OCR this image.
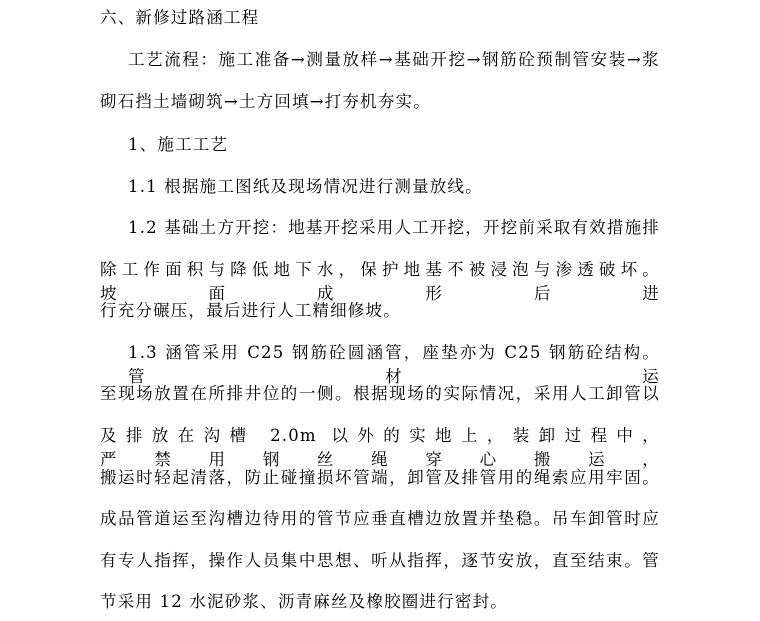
六、新修过路涵工程
工艺流程：施工准备→测量放样→基础开挖→钢筋砼预制管安装→浆
砌石挡土墙砌筑→土方回填→打夯机夯实。
1、施工工艺
1.1 根据施工图纸及现场情况进行测量放线。
1.2 基础土方开挖：地基开挖采用人工开挖，开挖前采取有效措施排
除工作面积与降低地下水，保护地基不被浸泡与渗透破坏。坡面成形后进
行充分碾压，最后进行人工精细修坡。
1.3 涵管采用 C25 钢筋砼圆涵管，座垫亦为 C25 钢筋砼结构。管材运
至现场放置在所排井位的一侧。根据现场的实际情况，采用人工卸管以
及排放在沟槽 2.0m 以外的实地上，装卸过程中，严禁用钢丝绳穿心搬运，
搬运时轻起清落，防止碰撞损坏管端，卸管及排管用的绳索应用牢固。
成品管道运至沟槽边待用的管节应垂直槽边放置并垫稳。吊车卸管时应
有专人指挥，操作人员集中思想、听从指挥，逐节安放，直至结束。管
节采用 12 水泥砂浆、沥青麻丝及橡胶圈进行密封。
